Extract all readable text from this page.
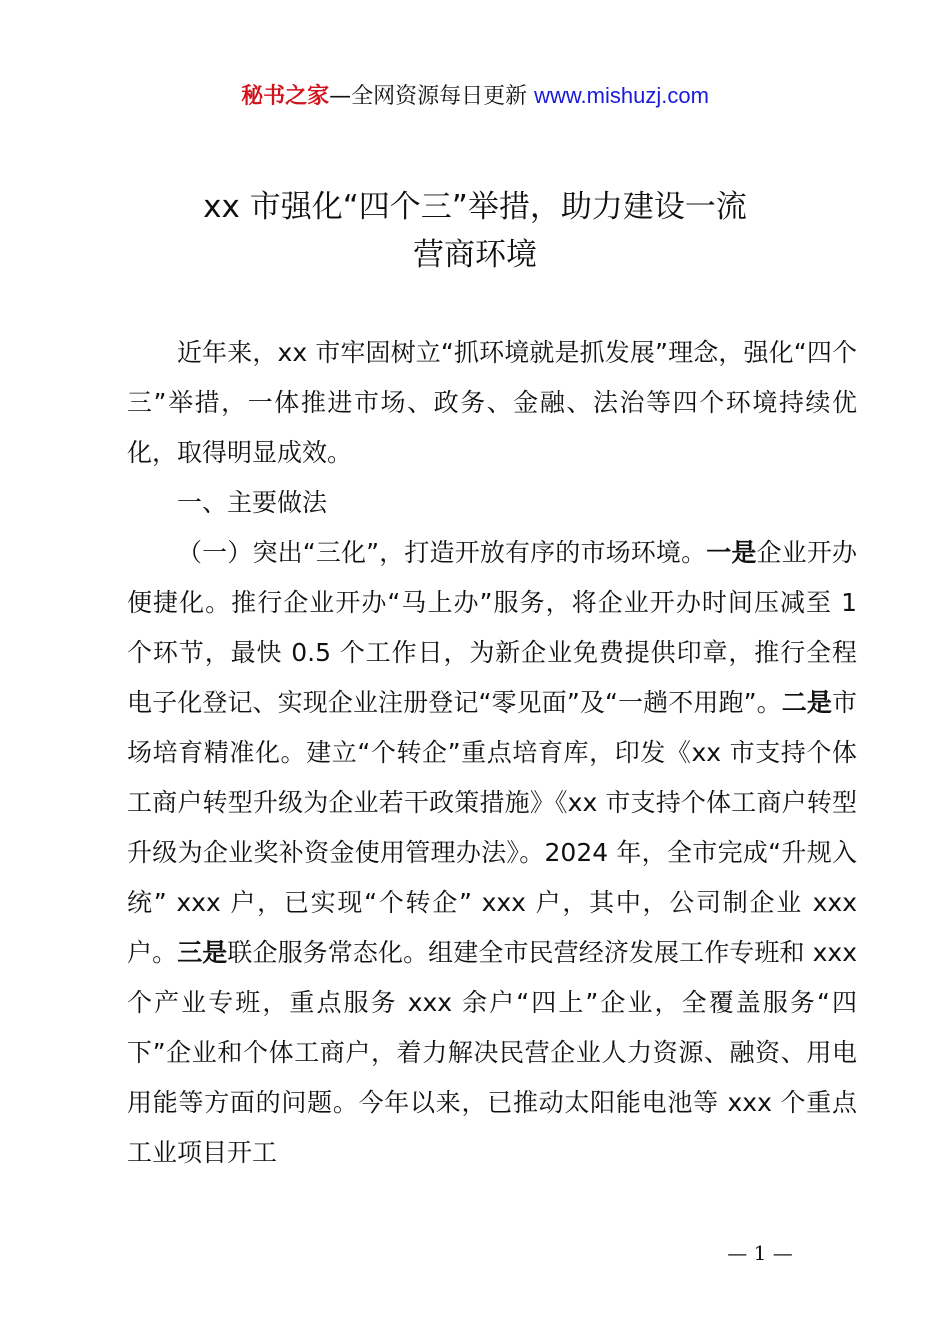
秘书之家—全网资源每日更新 www.mishuzj.com
xx 市强化“四个三”举措，助力建设一流
营商环境

近年来，xx 市牢固树立“抓环境就是抓发展”理念，强化“四个三”举措，一体推进市场、政务、金融、法治等四个环境持续优化，取得明显成效。

一、主要做法

（一）突出“三化”，打造开放有序的市场环境。一是企业开办便捷化。推行企业开办“马上办”服务，将企业开办时间压减至 1 个环节，最快 0.5 个工作日，为新企业免费提供印章，推行全程电子化登记、实现企业注册登记“零见面”及“一趟不用跑”。二是市场培育精准化。建立“个转企”重点培育库，印发《xx 市支持个体工商户转型升级为企业若干政策措施》《xx 市支持个体工商户转型升级为企业奖补资金使用管理办法》。2024 年，全市完成“升规入统” xxx 户，已实现“个转企” xxx 户，其中，公司制企业 xxx 户。三是联企服务常态化。组建全市民营经济发展工作专班和 xxx 个产业专班，重点服务 xxx 余户“四上”企业，全覆盖服务“四下”企业和个体工商户，着力解决民营企业人力资源、融资、用电用能等方面的问题。今年以来，已推动太阳能电池等 xxx 个重点工业项目开工

— 1 —
